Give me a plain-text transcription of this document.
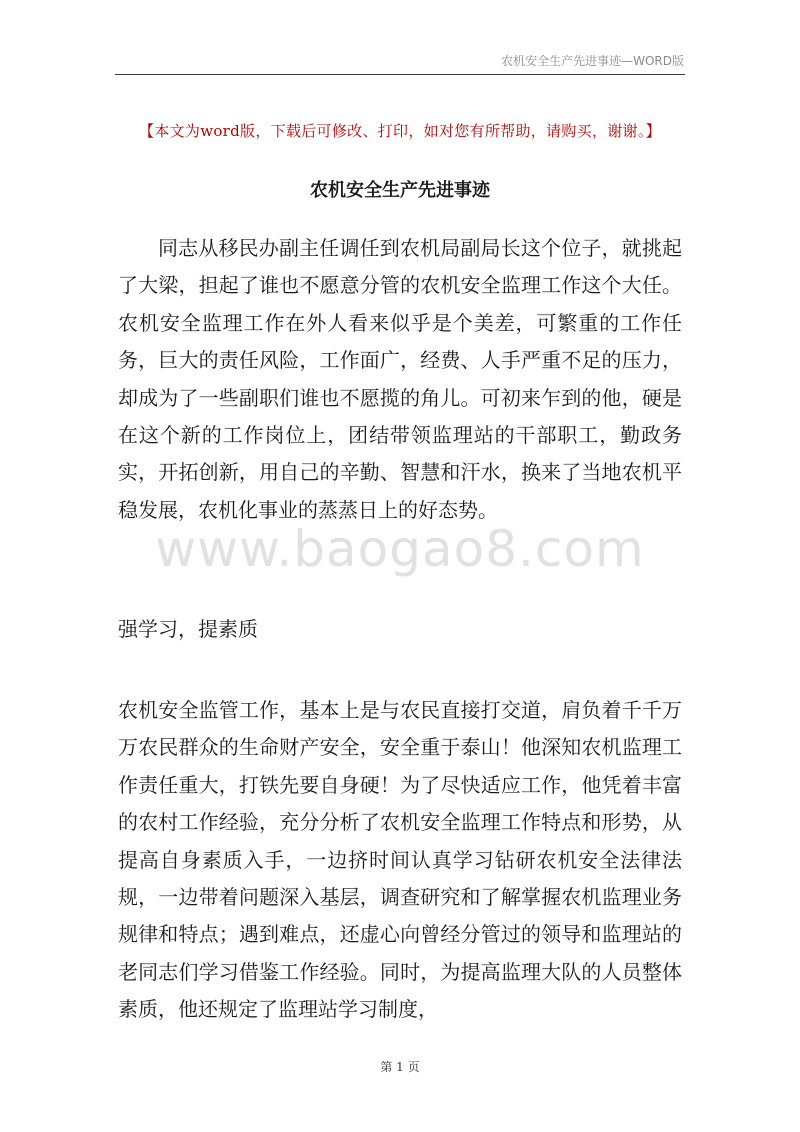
农机安全生产先进事迹—WORD版
【本文为word版，下载后可修改、打印，如对您有所帮助，请购买，谢谢。】
农机安全生产先进事迹
同志从移民办副主任调任到农机局副局长这个位子，就挑起了大梁，担起了谁也不愿意分管的农机安全监理工作这个大任。农机安全监理工作在外人看来似乎是个美差，可繁重的工作任务，巨大的责任风险，工作面广，经费、人手严重不足的压力，却成为了一些副职们谁也不愿揽的角儿。可初来乍到的他，硬是在这个新的工作岗位上，团结带领监理站的干部职工，勤政务实，开拓创新，用自己的辛勤、智慧和汗水，换来了当地农机平稳发展，农机化事业的蒸蒸日上的好态势。
www.baogao8.com
强学习，提素质
农机安全监管工作，基本上是与农民直接打交道，肩负着千千万万农民群众的生命财产安全，安全重于泰山！他深知农机监理工作责任重大，打铁先要自身硬！为了尽快适应工作，他凭着丰富的农村工作经验，充分分析了农机安全监理工作特点和形势，从提高自身素质入手，一边挤时间认真学习钻研农机安全法律法规，一边带着问题深入基层，调查研究和了解掌握农机监理业务规律和特点；遇到难点，还虚心向曾经分管过的领导和监理站的老同志们学习借鉴工作经验。同时，为提高监理大队的人员整体素质，他还规定了监理站学习制度，
第 1 页
